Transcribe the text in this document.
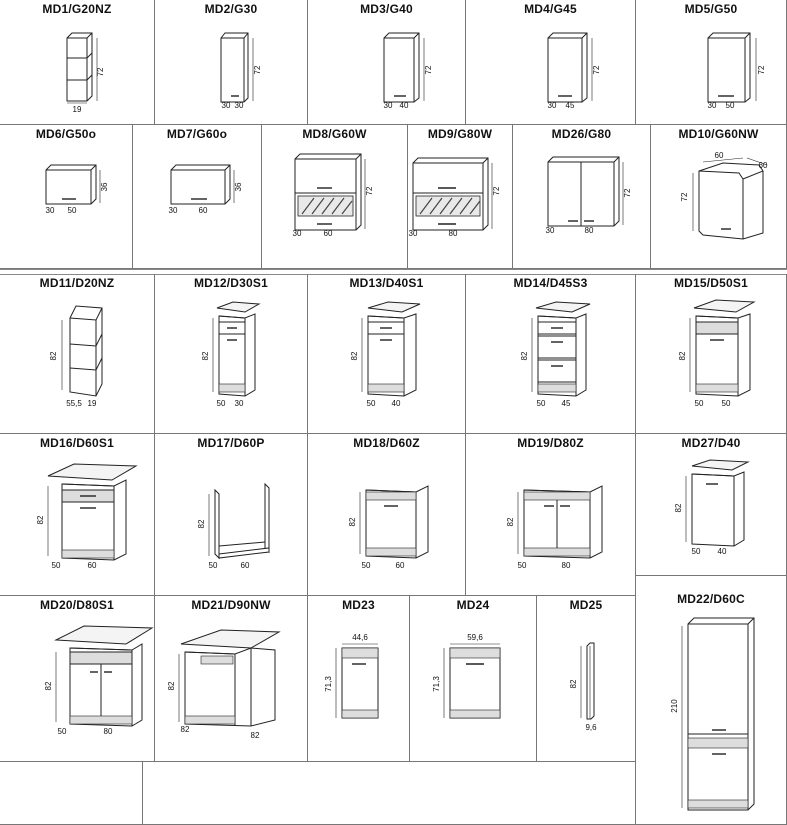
MD1/G20NZ
19
72
MD2/G30
72
30 30
MD3/G40
72
30 40
MD4/G45
72
30 45
MD5/G50
72
30 50
MD6/G50o
36
30 50
MD7/G60o
36
30	60
MD8/G60W
72
30	60
MD9/G80W
72
30	80
MD26/G80
72
30	80
MD10/G60NW
60
60
72
MD11/D20NZ
82
55,5 19
MD12/D30S1
82
50 30
MD13/D40S1
82
50 40
MD14/D45S3
82
50 45
MD15/D50S1
82
50 50
MD16/D60S1
82
50	60
MD17/D60P
82
50	60
MD18/D60Z
82
50	60
MD19/D80Z
82
50	80
MD27/D40
82
50 40
MD20/D80S1
82
50	80
MD21/D90NW
82
82
82
MD23
44,6
71,3
MD24
59,6
71,3
MD25
82
9,6
MD22/D60C
210
